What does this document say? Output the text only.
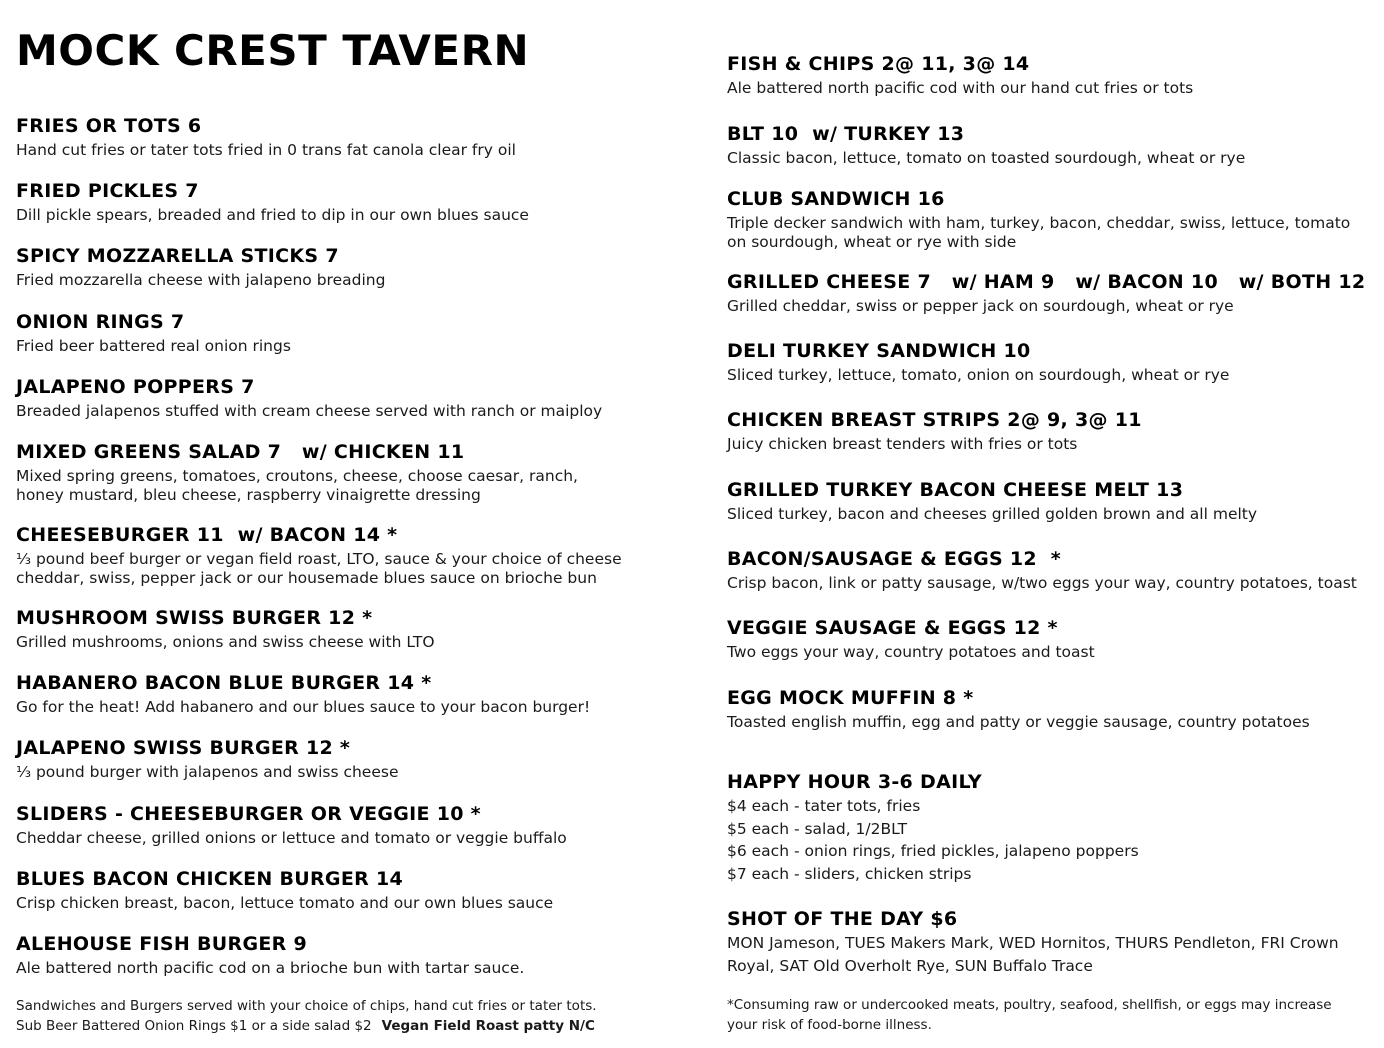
MOCK CREST TAVERN
FRIES OR TOTS 6
Hand cut fries or tater tots fried in 0 trans fat canola clear fry oil
FRIED PICKLES 7
Dill pickle spears, breaded and fried to dip in our own blues sauce
SPICY MOZZARELLA STICKS 7
Fried mozzarella cheese with jalapeno breading
ONION RINGS 7
Fried beer battered real onion rings
JALAPENO POPPERS 7
Breaded jalapenos stuffed with cream cheese served with ranch or maiploy
MIXED GREENS SALAD 7   w/ CHICKEN 11
Mixed spring greens, tomatoes, croutons, cheese, choose caesar, ranch,
honey mustard, bleu cheese, raspberry vinaigrette dressing
CHEESEBURGER 11  w/ BACON 14 *
⅓ pound beef burger or vegan field roast, LTO, sauce & your choice of cheese
cheddar, swiss, pepper jack or our housemade blues sauce on brioche bun
MUSHROOM SWISS BURGER 12 *
Grilled mushrooms, onions and swiss cheese with LTO
HABANERO BACON BLUE BURGER 14 *
Go for the heat! Add habanero and our blues sauce to your bacon burger!
JALAPENO SWISS BURGER 12 *
⅓ pound burger with jalapenos and swiss cheese
SLIDERS - CHEESEBURGER OR VEGGIE 10 *
Cheddar cheese, grilled onions or lettuce and tomato or veggie buffalo
BLUES BACON CHICKEN BURGER 14
Crisp chicken breast, bacon, lettuce tomato and our own blues sauce
ALEHOUSE FISH BURGER 9
Ale battered north pacific cod on a brioche bun with tartar sauce.
FISH & CHIPS 2@ 11, 3@ 14
Ale battered north pacific cod with our hand cut fries or tots
BLT 10  w/ TURKEY 13
Classic bacon, lettuce, tomato on toasted sourdough, wheat or rye
CLUB SANDWICH 16
Triple decker sandwich with ham, turkey, bacon, cheddar, swiss, lettuce, tomato
on sourdough, wheat or rye with side
GRILLED CHEESE 7   w/ HAM 9   w/ BACON 10   w/ BOTH 12
Grilled cheddar, swiss or pepper jack on sourdough, wheat or rye
DELI TURKEY SANDWICH 10
Sliced turkey, lettuce, tomato, onion on sourdough, wheat or rye
CHICKEN BREAST STRIPS 2@ 9, 3@ 11
Juicy chicken breast tenders with fries or tots
GRILLED TURKEY BACON CHEESE MELT 13
Sliced turkey, bacon and cheeses grilled golden brown and all melty
BACON/SAUSAGE & EGGS 12  *
Crisp bacon, link or patty sausage, w/two eggs your way, country potatoes, toast
VEGGIE SAUSAGE & EGGS 12 *
Two eggs your way, country potatoes and toast
EGG MOCK MUFFIN 8 *
Toasted english muffin, egg and patty or veggie sausage, country potatoes
Sandwiches and Burgers served with your choice of chips, hand cut fries or tater tots.
Sub Beer Battered Onion Rings $1 or a side salad $2 Vegan Field Roast patty N/C
*Consuming raw or undercooked meats, poultry, seafood, shellfish, or eggs may increase
your risk of food-borne illness.
HAPPY HOUR 3-6 DAILY
$4 each - tater tots, fries
$5 each - salad, 1/2BLT
$6 each - onion rings, fried pickles, jalapeno poppers
$7 each - sliders, chicken strips
SHOT OF THE DAY $6
MON Jameson, TUES Makers Mark, WED Hornitos, THURS Pendleton, FRI Crown
Royal, SAT Old Overholt Rye, SUN Buffalo Trace
